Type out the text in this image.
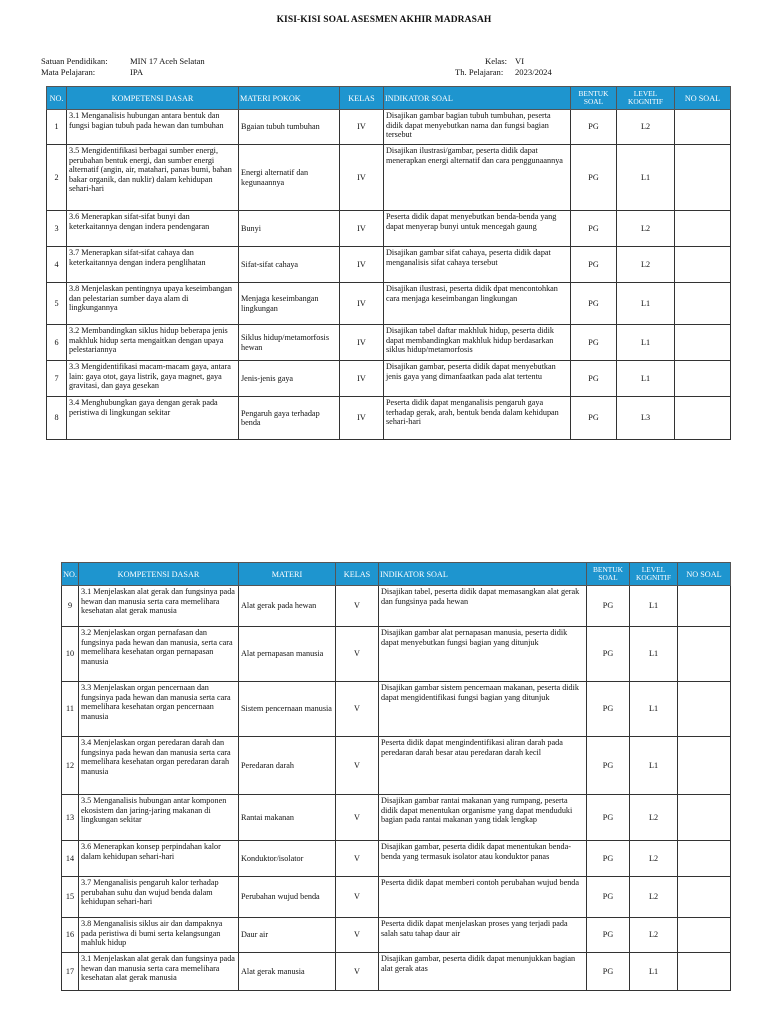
KISI-KISI SOAL ASESMEN AKHIR MADRASAH
Satuan Pendidikan:	MIN 17 Aceh Selatan
Mata Pelajaran:	IPA
Kelas: VI
Th. Pelajaran:	2023/2024
NO.	KOMPETENSI DASAR	MATERI POKOK	KELAS	INDIKATOR SOAL	BENTUK SOAL	LEVEL KOGNITIF	NO SOAL
1	3.1 Menganalisis hubungan antara bentuk dan fungsi bagian tubuh pada hewan dan tumbuhan	Bgaian tubuh tumbuhan	IV	Disajikan gambar bagian tubuh tumbuhan, peserta didik dapat menyebutkan nama dan fungsi bagian tersebut	PG	L2	
2	3.5 Mengidentifikasi berbagai sumber energi, perubahan bentuk energi, dan sumber energi alternatif (angin, air, matahari, panas bumi, bahan bakar organik, dan nuklir) dalam kehidupan sehari-hari	Energi alternatif dan kegunaannya	IV	Disajikan ilustrasi/gambar, peserta didik dapat menerapkan energi alternatif dan cara penggunaannya	PG	L1	
3	3.6 Menerapkan sifat-sifat bunyi dan keterkaitannya dengan indera pendengaran	Bunyi	IV	Peserta didik dapat menyebutkan benda-benda yang dapat menyerap bunyi untuk mencegah gaung	PG	L2	
4	3.7 Menerapkan sifat-sifat cahaya dan keterkaitannya dengan indera penglihatan	Sifat-sifat cahaya	IV	Disajikan gambar sifat cahaya, peserta didik dapat menganalisis sifat cahaya tersebut	PG	L2	
5	3.8 Menjelaskan pentingnya upaya keseimbangan dan pelestarian sumber daya alam di lingkungannya	Menjaga keseimbangan lingkungan	IV	Disajikan ilustrasi, peserta didik dpat mencontohkan cara menjaga keseimbangan lingkungan	PG	L1	
6	3.2 Membandingkan siklus hidup beberapa jenis makhluk hidup serta mengaitkan dengan upaya pelestariannya	Siklus hidup/metamorfosis hewan	IV	Disajikan tabel daftar makhluk hidup, peserta didik dapat membandingkan makhluk hidup berdasarkan siklus hidup/metamorfosis	PG	L1	
7	3.3 Mengidentifikasi macam-macam gaya, antara lain: gaya otot, gaya listrik, gaya magnet, gaya gravitasi, dan gaya gesekan	Jenis-jenis gaya	IV	Disajikan gambar, peserta didik dapat menyebutkan jenis gaya yang dimanfaatkan pada alat tertentu	PG	L1	
8	3.4 Menghubungkan gaya dengan gerak pada peristiwa di lingkungan sekitar	Pengaruh gaya terhadap benda	IV	Peserta didik dapat menganalisis pengaruh gaya terhadap gerak, arah, bentuk benda dalam kehidupan sehari-hari	PG	L3	
NO.	KOMPETENSI DASAR	MATERI	KELAS	INDIKATOR SOAL	BENTUK SOAL	LEVEL KOGNITIF	NO SOAL
9	3.1 Menjelaskan alat gerak dan fungsinya pada hewan dan manusia serta cara memelihara kesehatan alat gerak manusia	Alat gerak pada hewan	V	Disajikan tabel, peserta didik dapat memasangkan alat gerak dan fungsinya pada hewan	PG	L1	
10	3.2 Menjelaskan organ pernafasan dan fungsinya pada hewan dan manusia, serta cara memelihara kesehatan organ pernapasan manusia	Alat pernapasan manusia	V	Disajikan gambar alat pernapasan manusia, peserta didik dapat menyebutkan fungsi bagian yang ditunjuk	PG	L1	
11	3.3 Menjelaskan organ pencernaan dan fungsinya pada hewan dan manusia serta cara memelihara kesehatan organ pencernaan manusia	Sistem pencernaan manusia	V	Disajikan gambar sistem pencernaan makanan, peserta didik dapat mengidentifikasi fungsi bagian yang ditunjuk	PG	L1	
12	3.4 Menjelaskan organ peredaran darah dan fungsinya pada hewan dan manusia serta cara memelihara kesehatan organ peredaran darah manusia	Peredaran darah	V	Peserta didik dapat mengindentifikasi aliran darah pada peredaran darah besar atau peredaran darah kecil	PG	L1	
13	3.5 Menganalisis hubungan antar komponen ekosistem dan jaring-jaring makanan di lingkungan sekitar	Rantai makanan	V	Disajikan gambar rantai makanan yang rumpang, peserta didik dapat menentukan organisme yang dapat menduduki bagian pada rantai makanan yang tidak lengkap	PG	L2	
14	3.6 Menerapkan konsep perpindahan kalor dalam kehidupan sehari-hari	Konduktor/isolator	V	Disajikan gambar, peserta didik dapat menentukan benda-benda yang termasuk isolator atau konduktor panas	PG	L2	
15	3.7 Menganalisis pengaruh kalor terhadap perubahan suhu dan wujud benda dalam kehidupan sehari-hari	Perubahan wujud benda	V	Peserta didik dapat memberi contoh perubahan wujud benda	PG	L2	
16	3.8 Menganalisis siklus air dan dampaknya pada peristiwa di bumi serta kelangsungan mahluk hidup	Daur air	V	Peserta didik dapat menjelaskan proses yang terjadi pada salah satu tahap daur air	PG	L2	
17	3.1 Menjelaskan alat gerak dan fungsinya pada hewan dan manusia serta cara memelihara kesehatan alat gerak manusia	Alat gerak manusia	V	Disajikan gambar, peserta didik dapat menunjukkan bagian alat gerak atas	PG	L1	
